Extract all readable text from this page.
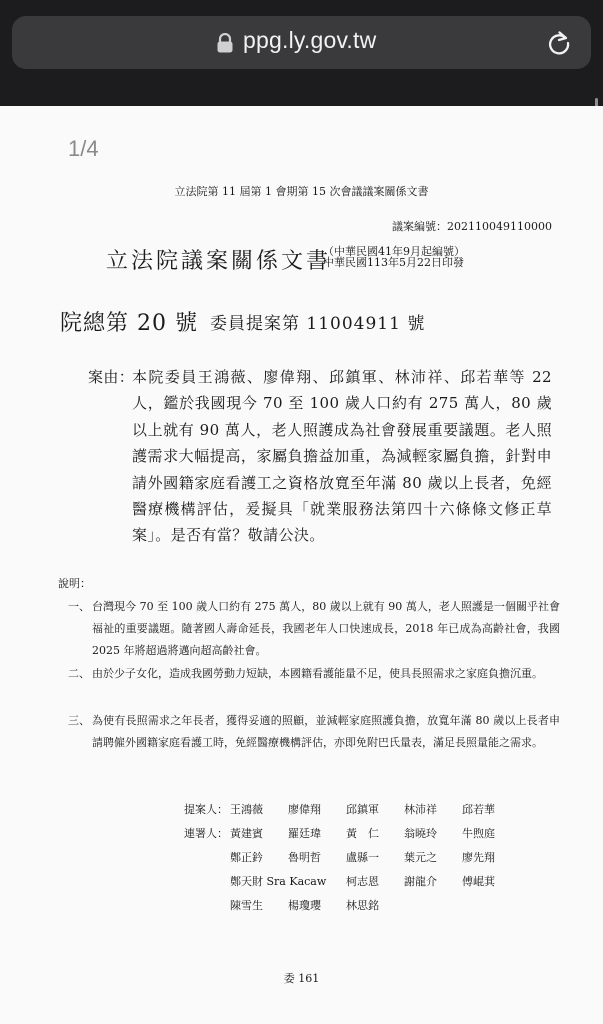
ppg.ly.gov.tw
1/4
立法院第 11 屆第 1 會期第 15 次會議議案關係文書
議案編號：202110049110000
立法院議案關係文書
（中華民國41年9月起編號）
中華民國113年5月22日印發
院總第 20 號 委員提案第 11004911 號
案由：
本院委員王鴻薇、廖偉翔、邱鎮軍、林沛祥、邱若華等 22 人，鑑於我國現今 70 至 100 歲人口約有 275 萬人，80 歲以上就有 90 萬人，老人照護成為社會發展重要議題。老人照護需求大幅提高，家屬負擔益加重，為減輕家屬負擔，針對申請外國籍家庭看護工之資格放寬至年滿 80 歲以上長者，免經醫療機構評估，爰擬具「就業服務法第四十六條條文修正草案」。是否有當？敬請公決。
說明：
一、 台灣現今 70 至 100 歲人口約有 275 萬人，80 歲以上就有 90 萬人，老人照護是一個關乎社會福祉的重要議題。隨著國人壽命延長，我國老年人口快速成長，2018 年已成為高齡社會，我國 2025 年將超過將邁向超高齡社會。
二、 由於少子女化，造成我國勞動力短缺，本國籍看護能量不足，使具長照需求之家庭負擔沉重。
三、 為使有長照需求之年長者，獲得妥適的照顧，並減輕家庭照護負擔，放寬年滿 80 歲以上長者申請聘僱外國籍家庭看護工時，免經醫療機構評估，亦即免附巴氏量表，滿足長照量能之需求。
提案人： 王鴻薇 廖偉翔 邱鎮軍 林沛祥 邱若華
連署人： 黃建賓 羅廷瑋 黃　仁 翁曉玲 牛煦庭
鄭正鈐 魯明哲 盧縣一 葉元之 廖先翔
鄭天財 Sra Kacaw 柯志恩 謝龍介 傅崐萁
陳雪生 楊瓊瓔 林思銘
委 161
